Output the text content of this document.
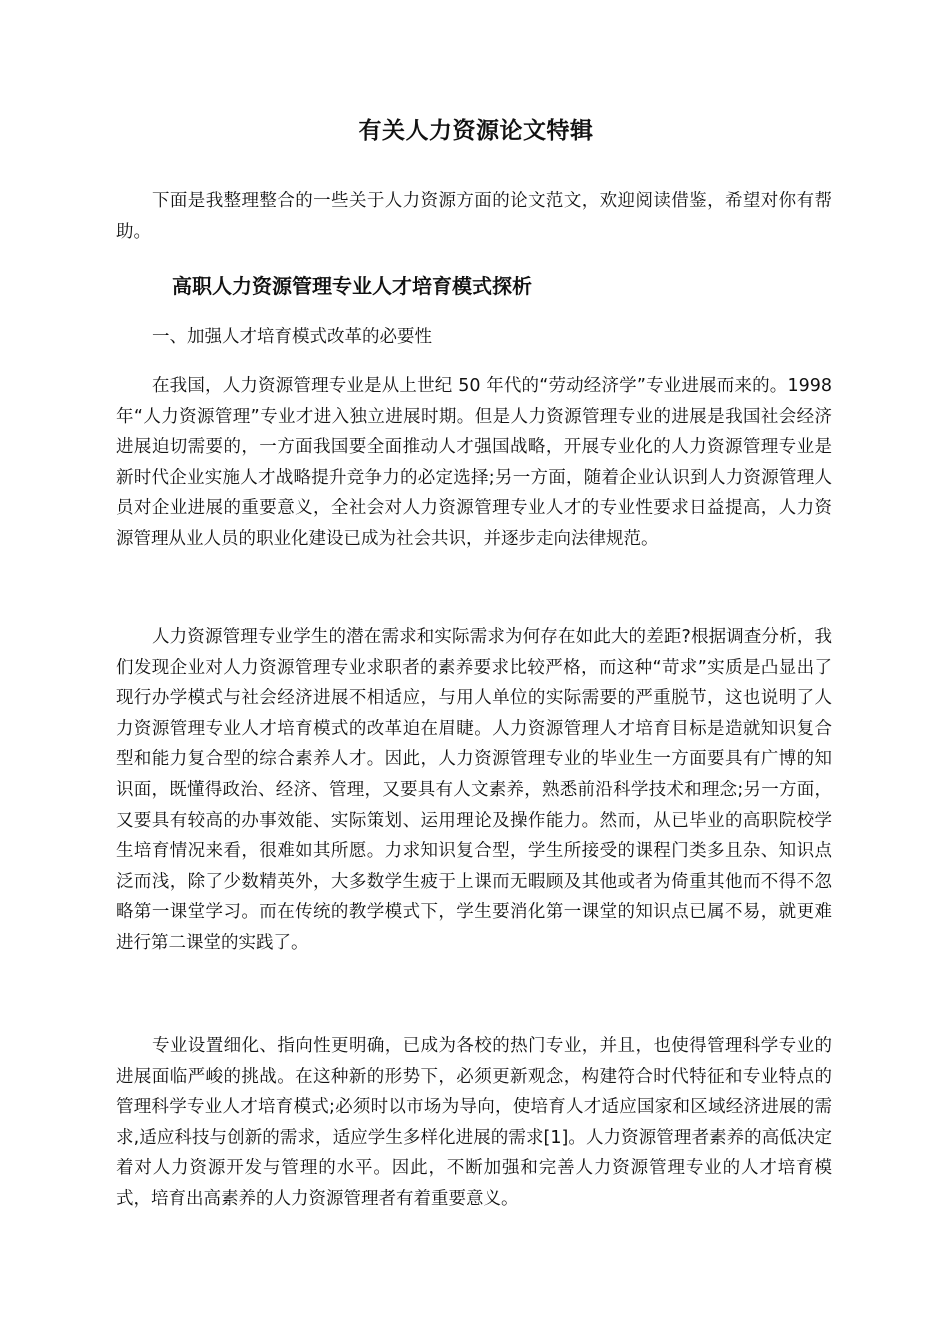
有关人力资源论文特辑

下面是我整理整合的一些关于人力资源方面的论文范文，欢迎阅读借鉴，希望对你有帮助。

高职人力资源管理专业人才培育模式探析
一、加强人才培育模式改革的必要性

在我国，人力资源管理专业是从上世纪 50 年代的“劳动经济学”专业进展而来的。1998 年“人力资源管理”专业才进入独立进展时期。但是人力资源管理专业的进展是我国社会经济进展迫切需要的，一方面我国要全面推动人才强国战略，开展专业化的人力资源管理专业是新时代企业实施人才战略提升竞争力的必定选择;另一方面，随着企业认识到人力资源管理人员对企业进展的重要意义，全社会对人力资源管理专业人才的专业性要求日益提高，人力资源管理从业人员的职业化建设已成为社会共识，并逐步走向法律规范。

人力资源管理专业学生的潜在需求和实际需求为何存在如此大的差距?根据调查分析，我们发现企业对人力资源管理专业求职者的素养要求比较严格，而这种“苛求”实质是凸显出了现行办学模式与社会经济进展不相适应，与用人单位的实际需要的严重脱节，这也说明了人力资源管理专业人才培育模式的改革迫在眉睫。人力资源管理人才培育目标是造就知识复合型和能力复合型的综合素养人才。因此，人力资源管理专业的毕业生一方面要具有广博的知识面，既懂得政治、经济、管理，又要具有人文素养，熟悉前沿科学技术和理念;另一方面，又要具有较高的办事效能、实际策划、运用理论及操作能力。然而，从已毕业的高职院校学生培育情况来看，很难如其所愿。力求知识复合型，学生所接受的课程门类多且杂、知识点泛而浅，除了少数精英外，大多数学生疲于上课而无暇顾及其他或者为倚重其他而不得不忽略第一课堂学习。而在传统的教学模式下，学生要消化第一课堂的知识点已属不易，就更难进行第二课堂的实践了。

专业设置细化、指向性更明确，已成为各校的热门专业，并且，也使得管理科学专业的进展面临严峻的挑战。在这种新的形势下，必须更新观念，构建符合时代特征和专业特点的管理科学专业人才培育模式;必须时以市场为导向，使培育人才适应国家和区域经济进展的需求,适应科技与创新的需求，适应学生多样化进展的需求[1]。人力资源管理者素养的高低决定着对人力资源开发与管理的水平。因此，不断加强和完善人力资源管理专业的人才培育模式，培育出高素养的人力资源管理者有着重要意义。
